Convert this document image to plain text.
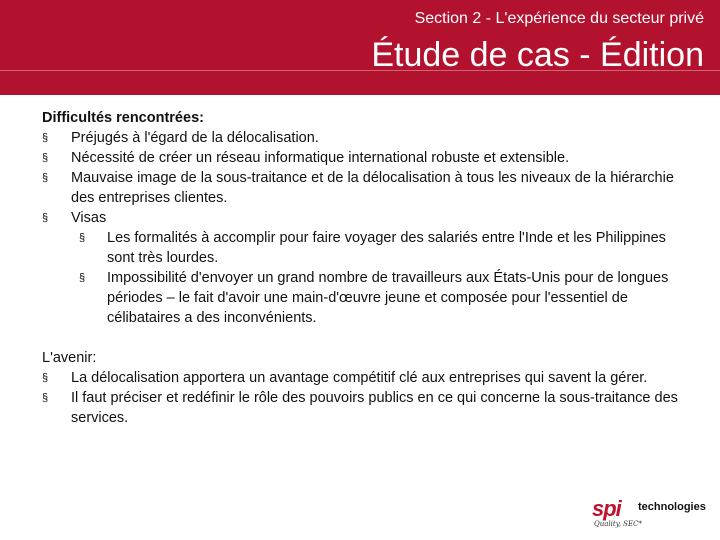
Section 2 - L'expérience du secteur privé
Étude de cas - Édition

Difficultés rencontrées:

§ Préjugés à l'égard de la délocalisation.
§ Nécessité de créer un réseau informatique international robuste et extensible.
§ Mauvaise image de la sous-traitance et de la délocalisation à tous les niveaux de la hiérarchie des entreprises clientes.
§ Visas
§ Les formalités à accomplir pour faire voyager des salariés entre l'Inde et les Philippines sont très lourdes.
§ Impossibilité d'envoyer un grand nombre de travailleurs aux États-Unis pour de longues périodes – le fait d'avoir une main-d'œuvre jeune et composée pour l'essentiel de célibataires a des inconvénients.

L'avenir:

§ La délocalisation apportera un avantage compétitif clé aux entreprises qui savent la gérer.
§ Il faut préciser et redéfinir le rôle des pouvoirs publics en ce qui concerne la sous-traitance des services.
spi technologies
Quality, SEC*
